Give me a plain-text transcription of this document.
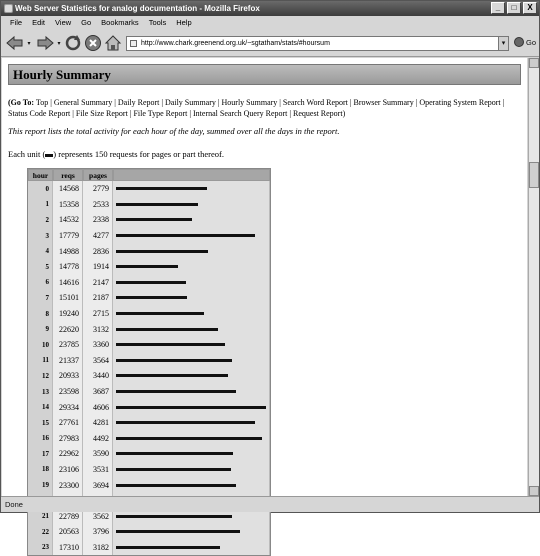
Web Server Statistics for analog documentation - Mozilla Firefox	_	□	X
File	Edit	View	Go	Bookmarks	Tools	Help
▾	▾	http://www.chark.greenend.org.uk/~sgtatham/stats/#hoursum	▾	Go
Hourly Summary
(Go To: Top | General Summary | Daily Report | Daily Summary | Hourly Summary | Search Word Report | Browser Summary | Operating System Report | Status Code Report | File Size Report | File Type Report | Internal Search Query Report | Request Report)
This report lists the total activity for each hour of the day, summed over all the days in the report.
Each unit ( ) represents 150 requests for pages or part thereof.
hour	reqs	pages	
0	14568	2779	

1	15358	2533	

2	14532	2338	

3	17779	4277	

4	14988	2836	

5	14778	1914	

6	14616	2147	

7	15101	2187	

8	19240	2715	

9	22620	3132	

10	23785	3360	

11	21337	3564	

12	20933	3440	

13	23598	3687	

14	29334	4606	

15	27761	4281	

16	27983	4492	

17	22962	3590	

18	23106	3531	

19	23300	3694	

21	22789	3562	

22	20563	3796	

23	17310	3182	
Done
